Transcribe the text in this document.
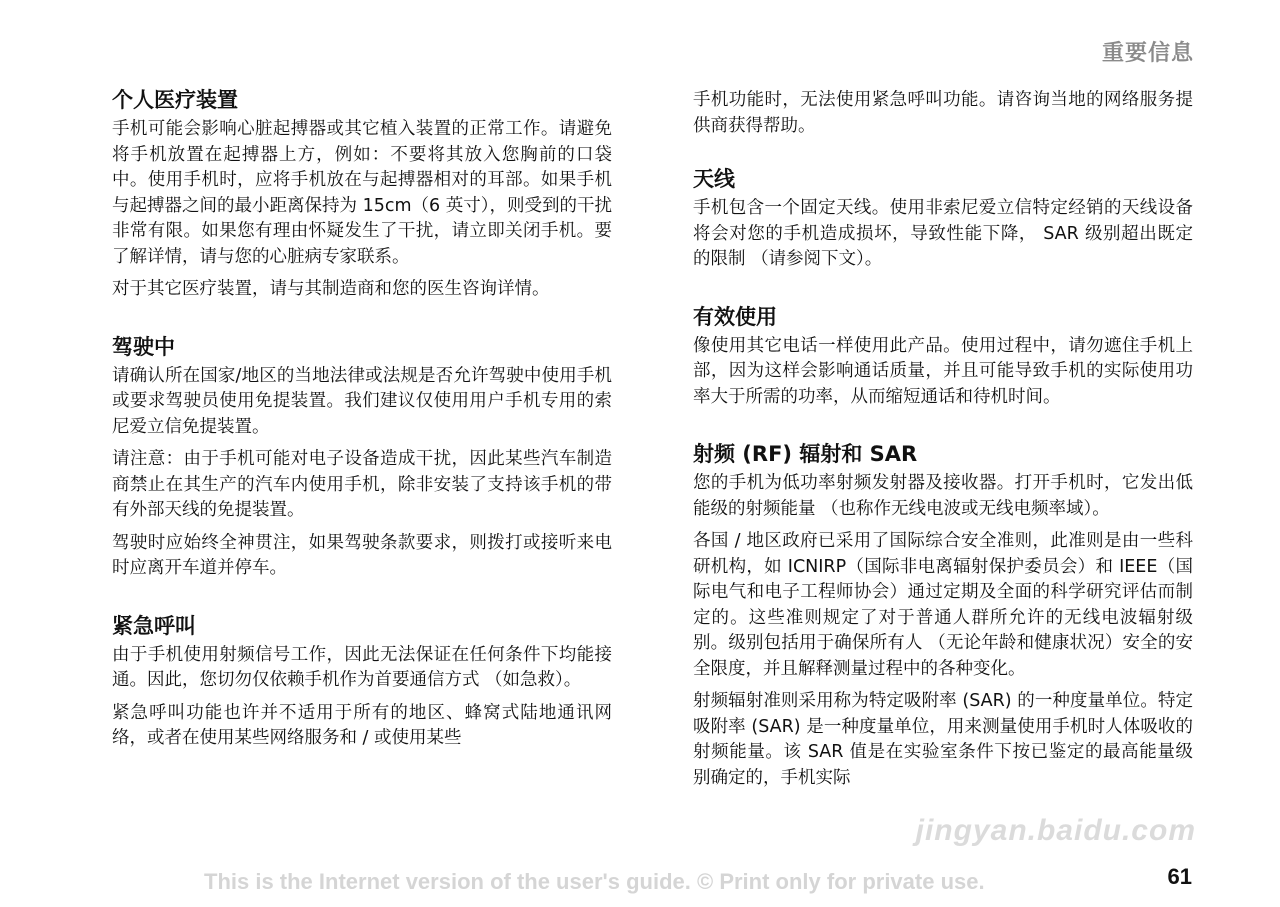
重要信息
个人医疗装置

手机可能会影响心脏起搏器或其它植入装置的正常工作。请避免将手机放置在起搏器上方，例如：不要将其放入您胸前的口袋中。使用手机时，应将手机放在与起搏器相对的耳部。如果手机与起搏器之间的最小距离保持为 15cm（6 英寸），则受到的干扰非常有限。如果您有理由怀疑发生了干扰，请立即关闭手机。要了解详情，请与您的心脏病专家联系。

对于其它医疗装置，请与其制造商和您的医生咨询详情。

驾驶中

请确认所在国家/地区的当地法律或法规是否允许驾驶中使用手机或要求驾驶员使用免提装置。我们建议仅使用用户手机专用的索尼爱立信免提装置。

请注意：由于手机可能对电子设备造成干扰，因此某些汽车制造商禁止在其生产的汽车内使用手机，除非安装了支持该手机的带有外部天线的免提装置。

驾驶时应始终全神贯注，如果驾驶条款要求，则拨打或接听来电时应离开车道并停车。

紧急呼叫

由于手机使用射频信号工作，因此无法保证在任何条件下均能接通。因此，您切勿仅依赖手机作为首要通信方式 （如急救）。

紧急呼叫功能也许并不适用于所有的地区、蜂窝式陆地通讯网络，或者在使用某些网络服务和 / 或使用某些

手机功能时，无法使用紧急呼叫功能。请咨询当地的网络服务提供商获得帮助。

天线

手机包含一个固定天线。使用非索尼爱立信特定经销的天线设备将会对您的手机造成损坏，导致性能下降， SAR 级别超出既定的限制 （请参阅下文）。

有效使用

像使用其它电话一样使用此产品。使用过程中，请勿遮住手机上部，因为这样会影响通话质量，并且可能导致手机的实际使用功率大于所需的功率，从而缩短通话和待机时间。

射频 (RF) 辐射和 SAR

您的手机为低功率射频发射器及接收器。打开手机时，它发出低能级的射频能量 （也称作无线电波或无线电频率域）。

各国 / 地区政府已采用了国际综合安全准则，此准则是由一些科研机构，如 ICNIRP（国际非电离辐射保护委员会）和 IEEE（国际电气和电子工程师协会）通过定期及全面的科学研究评估而制定的。这些准则规定了对于普通人群所允许的无线电波辐射级别。级别包括用于确保所有人 （无论年龄和健康状况）安全的安全限度，并且解释测量过程中的各种变化。

射频辐射准则采用称为特定吸附率 (SAR) 的一种度量单位。特定吸附率 (SAR) 是一种度量单位，用来测量使用手机时人体吸收的射频能量。该 SAR 值是在实验室条件下按已鉴定的最高能量级别确定的，手机实际

jingyan.baidu.com
This is the Internet version of the user's guide. © Print only for private use.	61
